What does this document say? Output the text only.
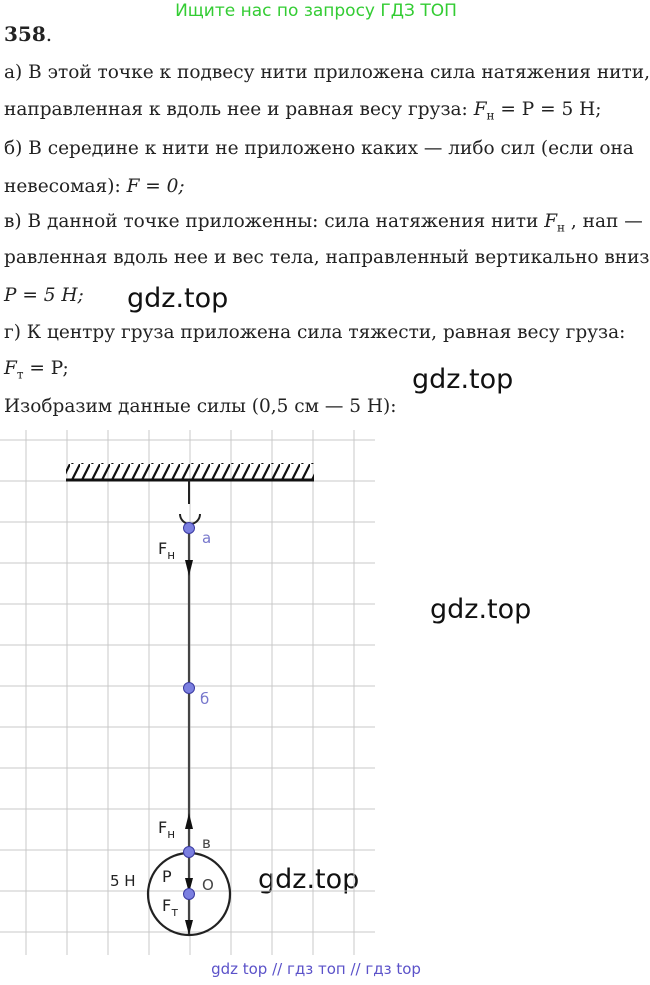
Ищите нас по запросу ГДЗ ТОП
358.
а) В этой точке к подвесу нити приложена сила натяжения нити,
направленная к вдоль нее и равная весу груза: $F_н = P = 5$ Н;
б) В середине к нити не приложено каких — либо сил (если она
невесомая): F = 0;
в) В данной точке приложенны: сила натяжения нити $F_н$ , нап —
равленная вдоль нее и вес тела, направленный вертикально вниз
P = 5 Н;
г) К центру груза приложена сила тяжести, равная весу груза:
$F_т = P$;
Изобразим данные силы (0,5 см — 5 Н):
gdz.top
gdz.top
gdz.top
gdz.top
а
б
в
О
$F_н$
$F_н$
P
$F_т$
5 Н
gdz top // гдз топ // гдз top
